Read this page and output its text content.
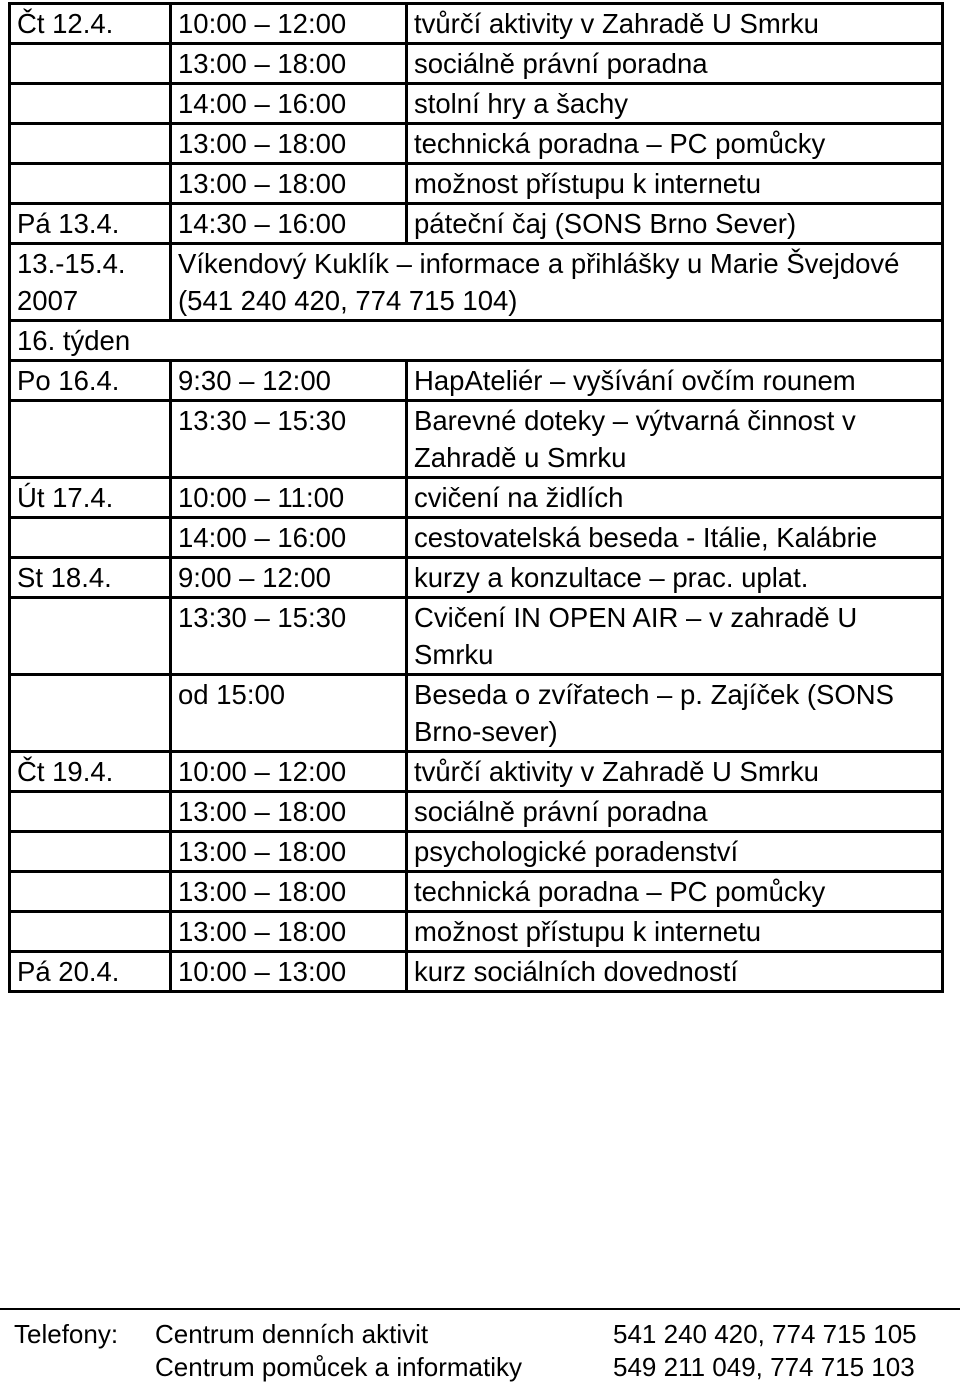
Čt 12.4.	10:00 – 12:00	tvůrčí aktivity v Zahradě U Smrku
	13:00 – 18:00	sociálně právní poradna
	14:00 – 16:00	stolní hry a šachy
	13:00 – 18:00	technická poradna – PC pomůcky
	13:00 – 18:00	možnost přístupu k internetu
Pá 13.4.	14:30 – 16:00	páteční čaj (SONS Brno Sever)

13.-15.4.
2007	Víkendový Kuklík – informace a přihlášky u Marie Švejdové (541 240 420, 774 715 104)	
16. týden		
Po 16.4.	9:30 – 12:00	HapAteliér – vyšívání ovčím rounem
	13:30 – 15:30	Barevné doteky – výtvarná činnost v Zahradě u Smrku
Út 17.4.	10:00 – 11:00	cvičení na židlích
	14:00 – 16:00	cestovatelská beseda - Itálie, Kalábrie
St 18.4.	9:00 – 12:00	kurzy a konzultace – prac. uplat.
	13:30 – 15:30	Cvičení IN OPEN AIR – v zahradě U Smrku
	od 15:00	Beseda o zvířatech – p. Zajíček (SONS Brno-sever)
Čt 19.4.	10:00 – 12:00	tvůrčí aktivity v Zahradě U Smrku
	13:00 – 18:00	sociálně právní poradna
	13:00 – 18:00	psychologické poradenství
	13:00 – 18:00	technická poradna – PC pomůcky
	13:00 – 18:00	možnost přístupu k internetu
Pá 20.4.	10:00 – 13:00	kurz sociálních dovedností
Telefony: Centrum denních aktivit	541 240 420, 774 715 105
Centrum pomůcek a informatiky	549 211 049, 774 715 103
